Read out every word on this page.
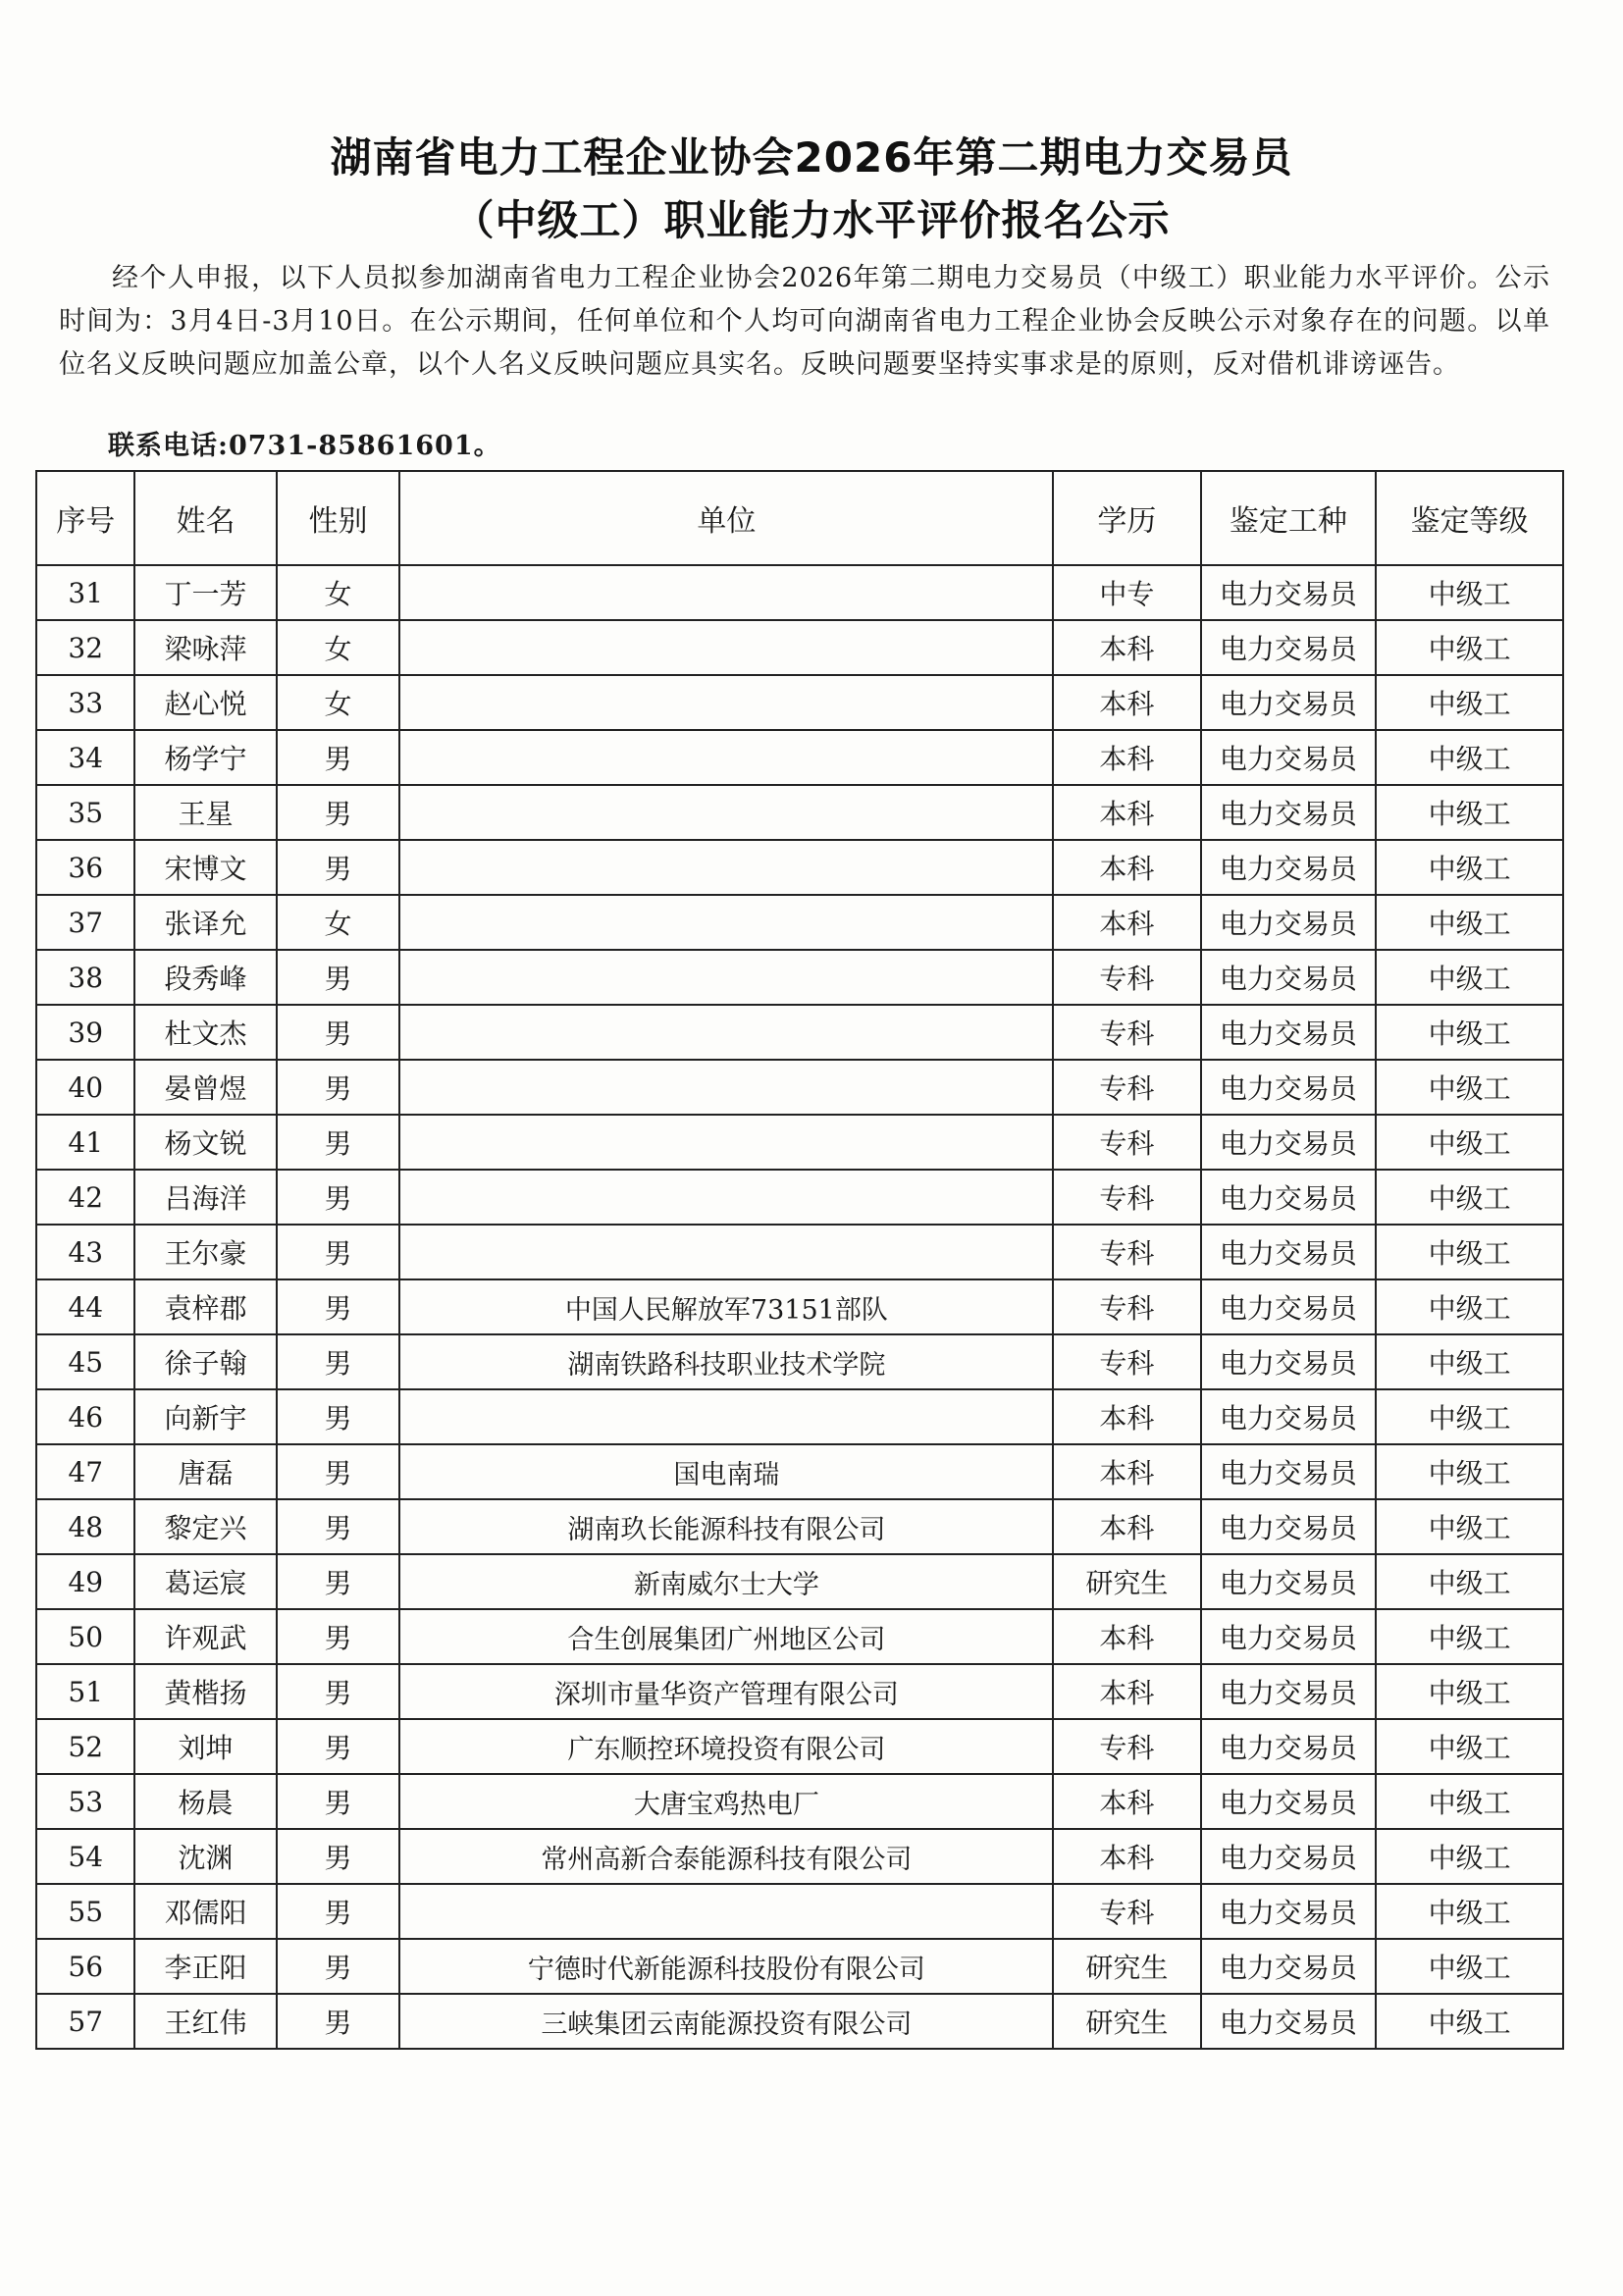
湖南省电力工程企业协会2026年第二期电力交易员
（中级工）职业能力水平评价报名公示
经个人申报，以下人员拟参加湖南省电力工程企业协会2026年第二期电力交易员（中级工）职业能力水平评价。公示时间为：3月4日-3月10日。在公示期间，任何单位和个人均可向湖南省电力工程企业协会反映公示对象存在的问题。以单位名义反映问题应加盖公章，以个人名义反映问题应具实名。反映问题要坚持实事求是的原则，反对借机诽谤诬告。
联系电话:0731-85861601。
序号	姓名	性别	单位	学历	鉴定工种	鉴定等级
31	丁一芳	女		中专	电力交易员	中级工
32	梁咏萍	女		本科	电力交易员	中级工
33	赵心悦	女		本科	电力交易员	中级工
34	杨学宁	男		本科	电力交易员	中级工
35	王星	男		本科	电力交易员	中级工
36	宋博文	男		本科	电力交易员	中级工
37	张译允	女		本科	电力交易员	中级工
38	段秀峰	男		专科	电力交易员	中级工
39	杜文杰	男		专科	电力交易员	中级工
40	晏曾煜	男		专科	电力交易员	中级工
41	杨文锐	男		专科	电力交易员	中级工
42	吕海洋	男		专科	电力交易员	中级工
43	王尔豪	男		专科	电力交易员	中级工
44	袁梓郡	男	中国人民解放军73151部队	专科	电力交易员	中级工
45	徐子翰	男	湖南铁路科技职业技术学院	专科	电力交易员	中级工
46	向新宇	男		本科	电力交易员	中级工
47	唐磊	男	国电南瑞	本科	电力交易员	中级工
48	黎定兴	男	湖南玖长能源科技有限公司	本科	电力交易员	中级工
49	葛运宸	男	新南威尔士大学	研究生	电力交易员	中级工
50	许观武	男	合生创展集团广州地区公司	本科	电力交易员	中级工
51	黄楷扬	男	深圳市量华资产管理有限公司	本科	电力交易员	中级工
52	刘坤	男	广东顺控环境投资有限公司	专科	电力交易员	中级工
53	杨晨	男	大唐宝鸡热电厂	本科	电力交易员	中级工
54	沈渊	男	常州高新合泰能源科技有限公司	本科	电力交易员	中级工
55	邓儒阳	男		专科	电力交易员	中级工
56	李正阳	男	宁德时代新能源科技股份有限公司	研究生	电力交易员	中级工
57	王红伟	男	三峡集团云南能源投资有限公司	研究生	电力交易员	中级工
